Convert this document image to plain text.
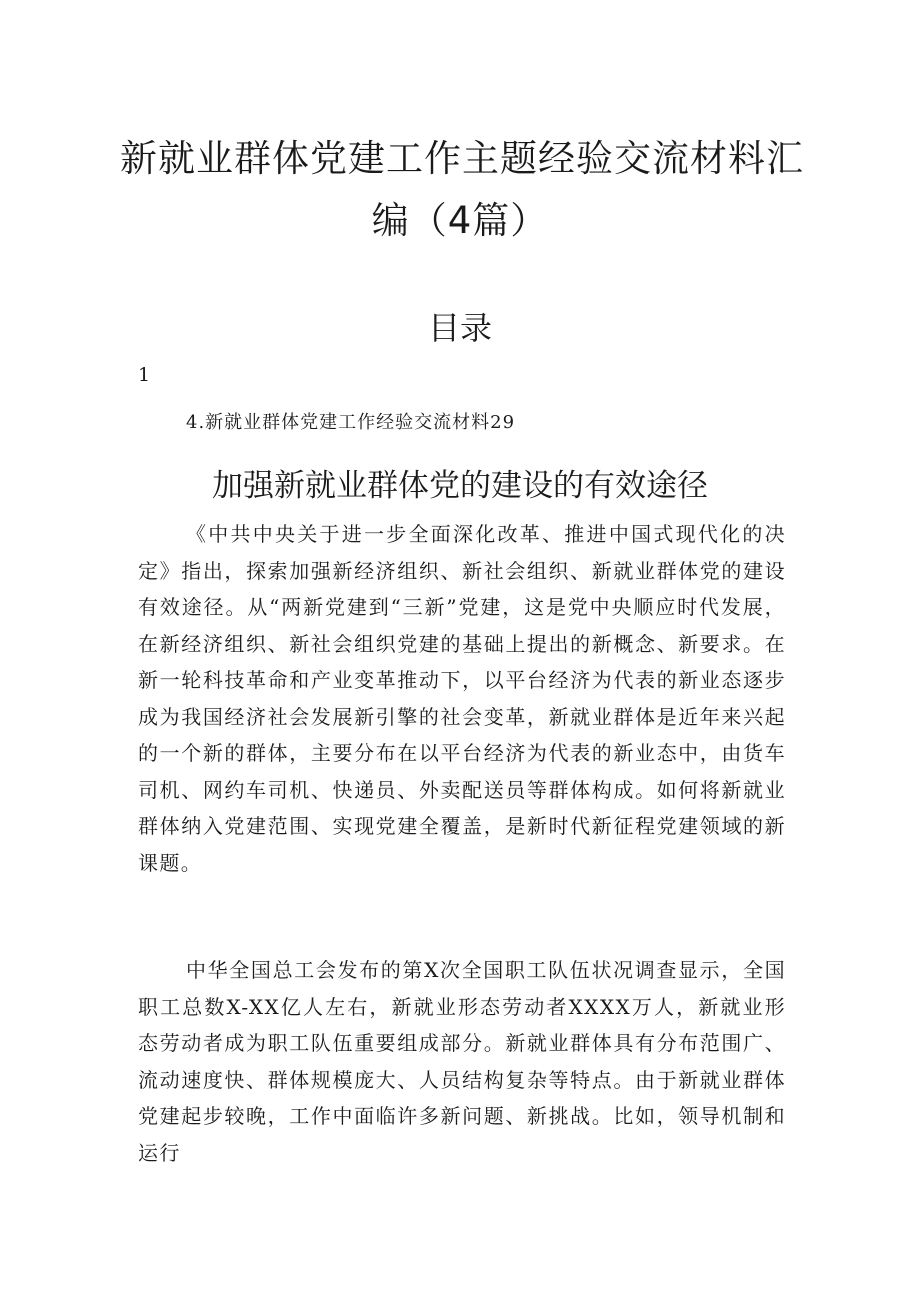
新就业群体党建工作主题经验交流材料汇
编（4篇）
目录

1

4.新就业群体党建工作经验交流材料29

加强新就业群体党的建设的有效途径

《中共中央关于进一步全面深化改革、推进中国式现代化的决定》指出，探索加强新经济组织、新社会组织、新就业群体党的建设有效途径。从“两新党建到“三新”党建，这是党中央顺应时代发展，在新经济组织、新社会组织党建的基础上提出的新概念、新要求。在新一轮科技革命和产业变革推动下，以平台经济为代表的新业态逐步成为我国经济社会发展新引擎的社会变革，新就业群体是近年来兴起的一个新的群体，主要分布在以平台经济为代表的新业态中，由货车司机、网约车司机、快递员、外卖配送员等群体构成。如何将新就业群体纳入党建范围、实现党建全覆盖，是新时代新征程党建领域的新课题。

中华全国总工会发布的第X次全国职工队伍状况调查显示，全国职工总数X-XX亿人左右，新就业形态劳动者XXXX万人，新就业形态劳动者成为职工队伍重要组成部分。新就业群体具有分布范围广、流动速度快、群体规模庞大、人员结构复杂等特点。由于新就业群体党建起步较晚，工作中面临许多新问题、新挑战。比如，领导机制和运行
